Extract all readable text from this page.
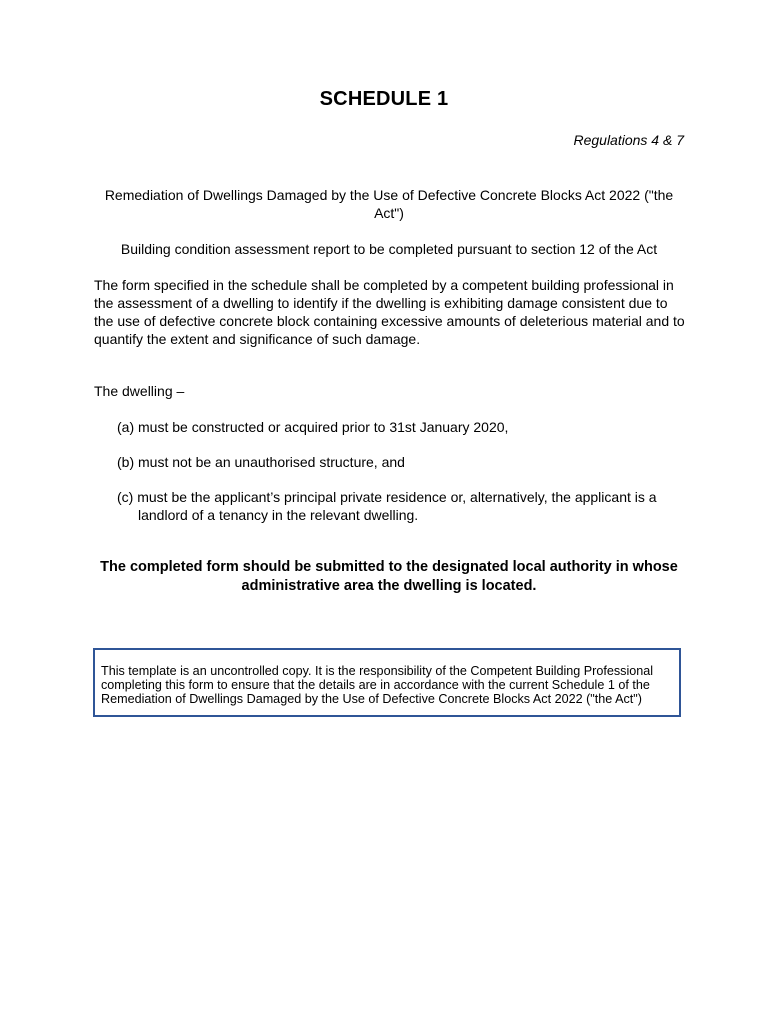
SCHEDULE 1
Regulations 4 & 7
Remediation of Dwellings Damaged by the Use of Defective Concrete Blocks Act 2022 ("the Act")
Building condition assessment report to be completed pursuant to section 12 of the Act
The form specified in the schedule shall be completed by a competent building professional in the assessment of a dwelling to identify if the dwelling is exhibiting damage consistent due to the use of defective concrete block containing excessive amounts of deleterious material and to quantify the extent and significance of such damage.
The dwelling –
(a) must be constructed or acquired prior to 31st January 2020,
(b) must not be an unauthorised structure, and
(c) must be the applicant’s principal private residence or, alternatively, the applicant is a landlord of a tenancy in the relevant dwelling.
The completed form should be submitted to the designated local authority in whose administrative area the dwelling is located.
This template is an uncontrolled copy. It is the responsibility of the Competent Building Professional completing this form to ensure that the details are in accordance with the current Schedule 1 of the Remediation of Dwellings Damaged by the Use of Defective Concrete Blocks Act 2022 ("the Act")
